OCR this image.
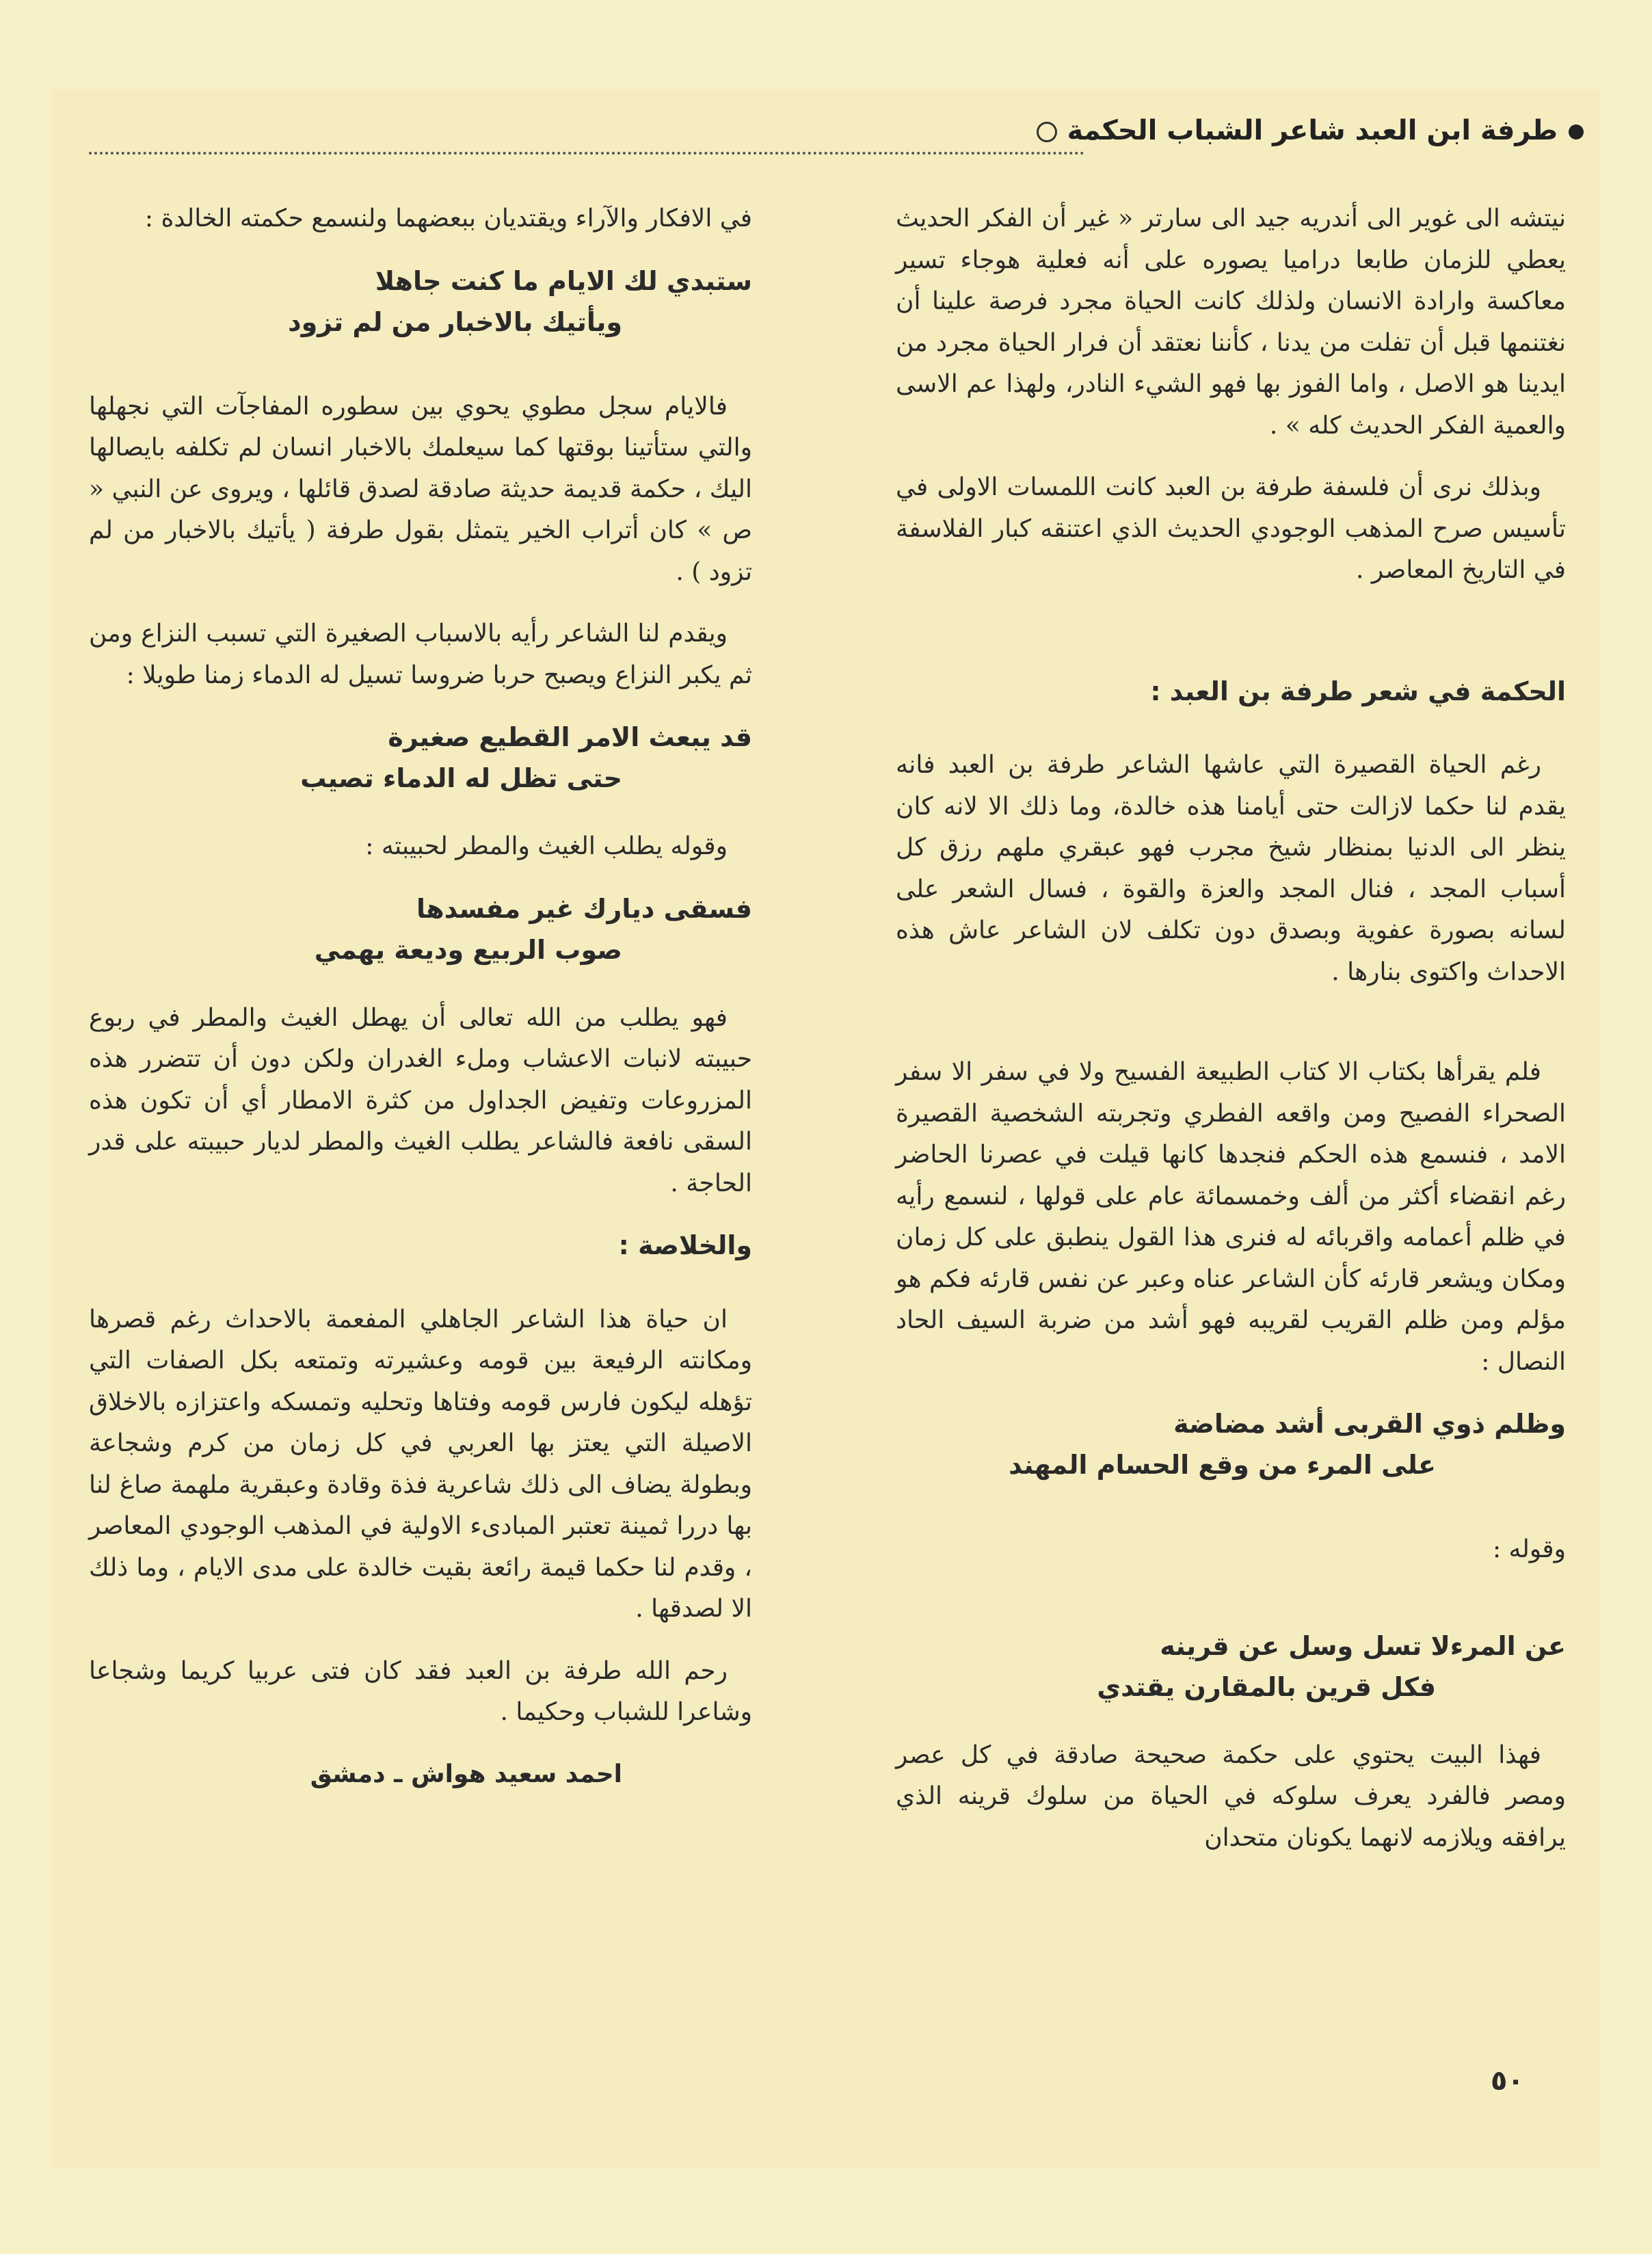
طرفة ابن العبد شاعر الشباب الحكمة

نيتشه الى غوير الى أندريه جيد الى سارتر « غير أن الفكر الحديث يعطي للزمان طابعا دراميا يصوره على أنه فعلية هوجاء تسير معاكسة وارادة الانسان ولذلك كانت الحياة مجرد فرصة علينا أن نغتنمها قبل أن تفلت من يدنا ، كأننا نعتقد أن فرار الحياة مجرد من ايدينا هو الاصل ، واما الفوز بها فهو الشيء النادر، ولهذا عم الاسى والعمية الفكر الحديث كله » .

وبذلك نرى أن فلسفة طرفة بن العبد كانت اللمسات الاولى في تأسيس صرح المذهب الوجودي الحديث الذي اعتنقه كبار الفلاسفة في التاريخ المعاصر .

الحكمة في شعر طرفة بن العبد :

رغم الحياة القصيرة التي عاشها الشاعر طرفة بن العبد فانه يقدم لنا حكما لازالت حتى أيامنا هذه خالدة، وما ذلك الا لانه كان ينظر الى الدنيا بمنظار شيخ مجرب فهو عبقري ملهم رزق كل أسباب المجد ، فنال المجد والعزة والقوة ، فسال الشعر على لسانه بصورة عفوية وبصدق دون تكلف لان الشاعر عاش هذه الاحداث واكتوى بنارها .

فلم يقرأها بكتاب الا كتاب الطبيعة الفسيح ولا في سفر الا سفر الصحراء الفصيح ومن واقعه الفطري وتجربته الشخصية القصيرة الامد ، فنسمع هذه الحكم فنجدها كانها قيلت في عصرنا الحاضر رغم انقضاء أكثر من ألف وخمسمائة عام على قولها ، لنسمع رأيه في ظلم أعمامه واقربائه له فنرى هذا القول ينطبق على كل زمان ومكان ويشعر قارئه كأن الشاعر عناه وعبر عن نفس قارئه فكم هو مؤلم ومن ظلم القريب لقريبه فهو أشد من ضربة السيف الحاد النصال :

وظلم ذوي القربى أشد مضاضة
على المرء من وقع الحسام المهند

وقوله :

عن المرءلا تسل وسل عن قرينه
فكل قرين بالمقارن يقتدي

فهذا البيت يحتوي على حكمة صحيحة صادقة في كل عصر ومصر فالفرد يعرف سلوكه في الحياة من سلوك قرينه الذي يرافقه ويلازمه لانهما يكونان متحدان

في الافكار والآراء ويقتديان ببعضهما ولنسمع حكمته الخالدة :

ستبدي لك الايام ما كنت جاهلا
ويأتيك بالاخبار من لم تزود

فالايام سجل مطوي يحوي بين سطوره المفاجآت التي نجهلها والتي ستأتينا بوقتها كما سيعلمك بالاخبار انسان لم تكلفه بايصالها اليك ، حكمة قديمة حديثة صادقة لصدق قائلها ، ويروى عن النبي « ص » كان أتراب الخير يتمثل بقول طرفة ( يأتيك بالاخبار من لم تزود ) .

ويقدم لنا الشاعر رأيه بالاسباب الصغيرة التي تسبب النزاع ومن ثم يكبر النزاع ويصبح حربا ضروسا تسيل له الدماء زمنا طويلا :

قد يبعث الامر القطيع صغيرة
حتى تظل له الدماء تصيب

وقوله يطلب الغيث والمطر لحبيبته :

فسقى ديارك غير مفسدها
صوب الربيع وديعة يهمي

فهو يطلب من الله تعالى أن يهطل الغيث والمطر في ربوع حبيبته لانبات الاعشاب وملء الغدران ولكن دون أن تتضرر هذه المزروعات وتفيض الجداول من كثرة الامطار أي أن تكون هذه السقى نافعة فالشاعر يطلب الغيث والمطر لديار حبيبته على قدر الحاجة .

والخلاصة :

ان حياة هذا الشاعر الجاهلي المفعمة بالاحداث رغم قصرها ومكانته الرفيعة بين قومه وعشيرته وتمتعه بكل الصفات التي تؤهله ليكون فارس قومه وفتاها وتحليه وتمسكه واعتزازه بالاخلاق الاصيلة التي يعتز بها العربي في كل زمان من كرم وشجاعة وبطولة يضاف الى ذلك شاعرية فذة وقادة وعبقرية ملهمة صاغ لنا بها دررا ثمينة تعتبر المبادىء الاولية في المذهب الوجودي المعاصر ، وقدم لنا حكما قيمة رائعة بقيت خالدة على مدى الايام ، وما ذلك الا لصدقها .

رحم الله طرفة بن العبد فقد كان فتى عربيا كريما وشجاعا وشاعرا للشباب وحكيما .

احمد سعيد هواش ـ دمشق
٥٠
